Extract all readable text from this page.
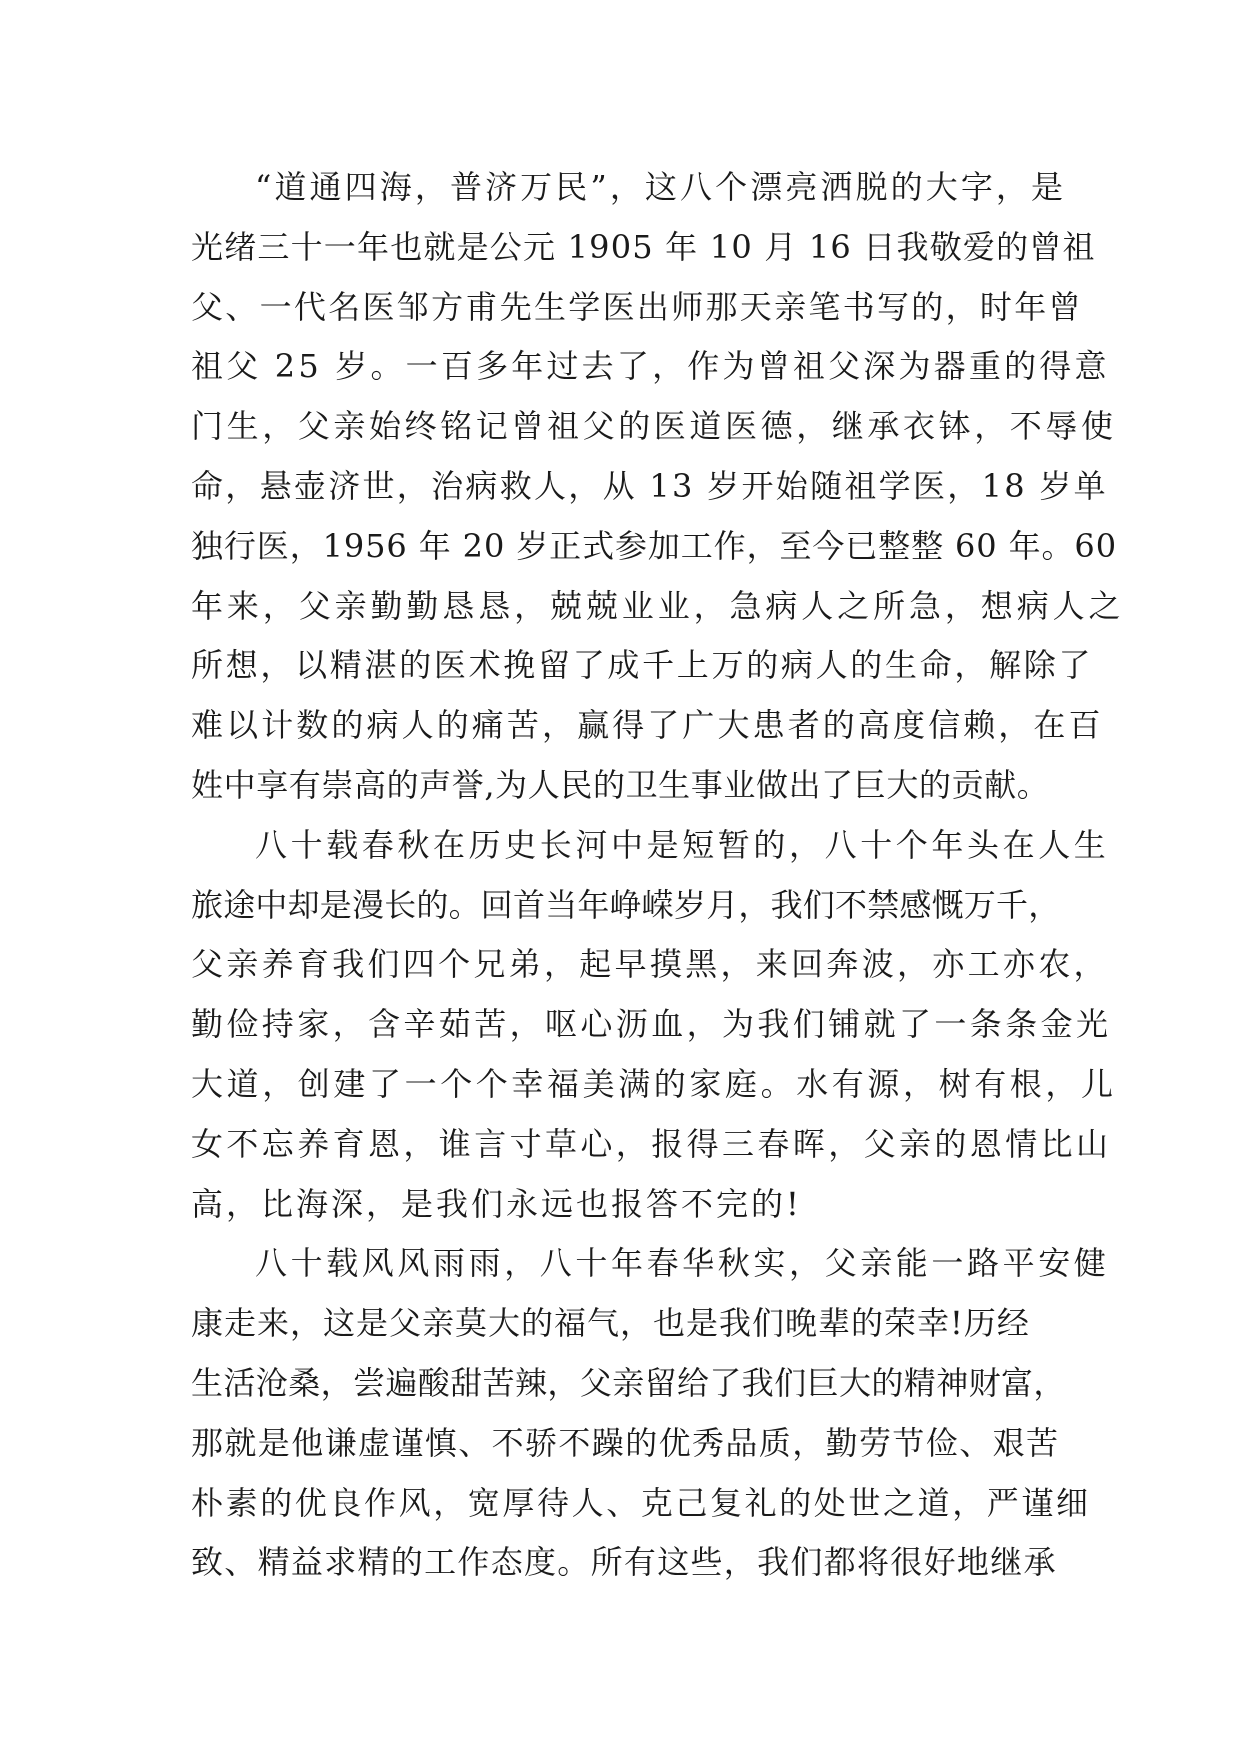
“道通四海，普济万民”，这八个漂亮洒脱的大字，是
光绪三十一年也就是公元 1905 年 10 月 16 日我敬爱的曾祖
父、一代名医邹方甫先生学医出师那天亲笔书写的，时年曾
祖父 25 岁。一百多年过去了，作为曾祖父深为器重的得意
门生，父亲始终铭记曾祖父的医道医德，继承衣钵，不辱使
命，悬壶济世，治病救人，从 13 岁开始随祖学医，18 岁单
独行医，1956 年 20 岁正式参加工作，至今已整整 60 年。60
年来，父亲勤勤恳恳，兢兢业业，急病人之所急，想病人之
所想，以精湛的医术挽留了成千上万的病人的生命，解除了
难以计数的病人的痛苦，赢得了广大患者的高度信赖，在百
姓中享有崇高的声誉,为人民的卫生事业做出了巨大的贡献。
八十载春秋在历史长河中是短暂的，八十个年头在人生
旅途中却是漫长的。回首当年峥嵘岁月，我们不禁感慨万千，
父亲养育我们四个兄弟，起早摸黑，来回奔波，亦工亦农，
勤俭持家，含辛茹苦，呕心沥血，为我们铺就了一条条金光
大道，创建了一个个幸福美满的家庭。水有源，树有根，儿
女不忘养育恩，谁言寸草心，报得三春晖，父亲的恩情比山
高，比海深，是我们永远也报答不完的!
八十载风风雨雨，八十年春华秋实，父亲能一路平安健
康走来，这是父亲莫大的福气，也是我们晚辈的荣幸!历经
生活沧桑，尝遍酸甜苦辣，父亲留给了我们巨大的精神财富，
那就是他谦虚谨慎、不骄不躁的优秀品质，勤劳节俭、艰苦
朴素的优良作风，宽厚待人、克己复礼的处世之道，严谨细
致、精益求精的工作态度。所有这些，我们都将很好地继承
